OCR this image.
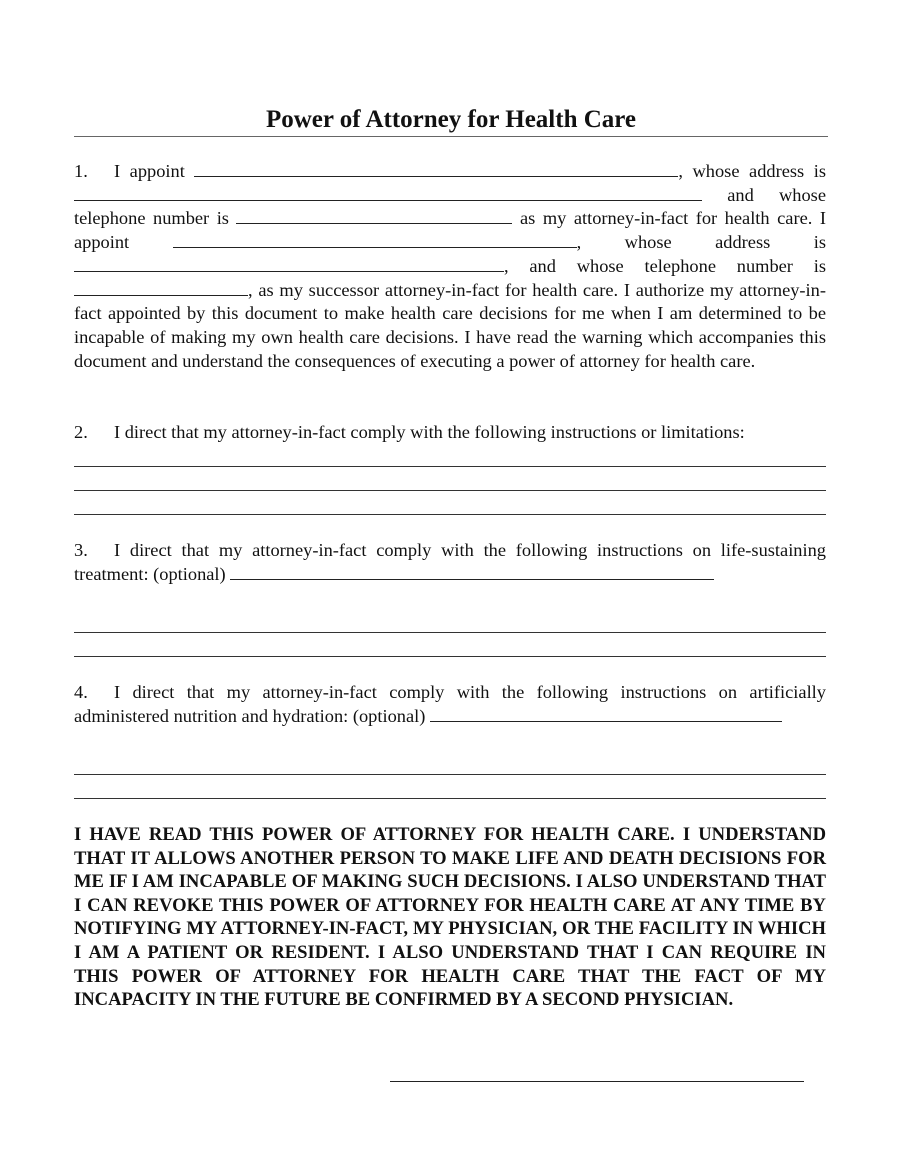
Power of Attorney for Health Care

1. I appoint	, whose address is  and whose telephone number is	as my attorney-in-fact for health care. I appoint	, whose address is , and whose telephone number is , as my successor attorney-in-fact for health care. I authorize my attorney-in-fact appointed by this document to make health care decisions for me when I am determined to be incapable of making my own health care decisions. I have read the warning which accompanies this document and understand the consequences of executing a power of attorney for health care.

2. I direct that my attorney-in-fact comply with the following instructions or limitations:

3. I direct that my attorney-in-fact comply with the following instructions on life-sustaining treatment: (optional)

4. I direct that my attorney-in-fact comply with the following instructions on artificially administered nutrition and hydration: (optional)

I HAVE READ THIS POWER OF ATTORNEY FOR HEALTH CARE. I UNDERSTAND THAT IT ALLOWS ANOTHER PERSON TO MAKE LIFE AND DEATH DECISIONS FOR ME IF I AM INCAPABLE OF MAKING SUCH DECISIONS. I ALSO UNDERSTAND THAT I CAN REVOKE THIS POWER OF ATTORNEY FOR HEALTH CARE AT ANY TIME BY NOTIFYING MY ATTORNEY-IN-FACT, MY PHYSICIAN, OR THE FACILITY IN WHICH I AM A PATIENT OR RESIDENT. I ALSO UNDERSTAND THAT I CAN REQUIRE IN THIS POWER OF ATTORNEY FOR HEALTH CARE THAT THE FACT OF MY INCAPACITY IN THE FUTURE BE CONFIRMED BY A SECOND PHYSICIAN.
